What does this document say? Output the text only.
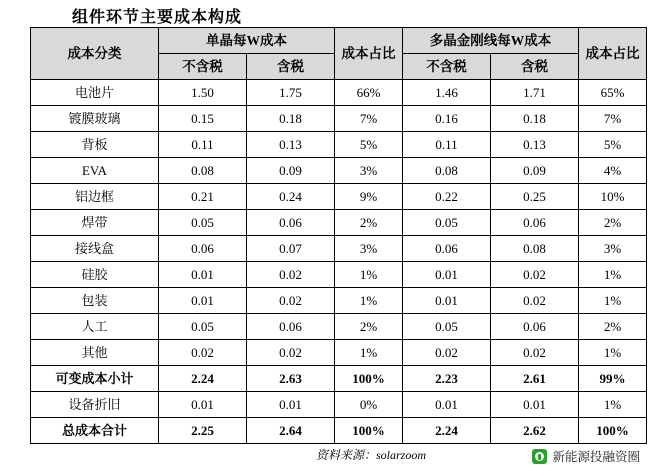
组件环节主要成本构成
成本分类	单晶每W成本		成本占比	多晶金刚线每W成本		成本占比
	不含税	含税		不含税	含税	
电池片	1.50	1.75	66%	1.46	1.71	65%
镀膜玻璃	0.15	0.18	7%	0.16	0.18	7%
背板	0.11	0.13	5%	0.11	0.13	5%
EVA	0.08	0.09	3%	0.08	0.09	4%
铝边框	0.21	0.24	9%	0.22	0.25	10%
焊带	0.05	0.06	2%	0.05	0.06	2%
接线盒	0.06	0.07	3%	0.06	0.08	3%
硅胶	0.01	0.02	1%	0.01	0.02	1%
包装	0.01	0.02	1%	0.01	0.02	1%
人工	0.05	0.06	2%	0.05	0.06	2%
其他	0.02	0.02	1%	0.02	0.02	1%
可变成本小计	2.24	2.63	100%	2.23	2.61	99%
设备折旧	0.01	0.01	0%	0.01	0.01	1%
总成本合计	2.25	2.64	100%	2.24	2.62	100%
资料来源：solarzoom	新能源投融资圈
